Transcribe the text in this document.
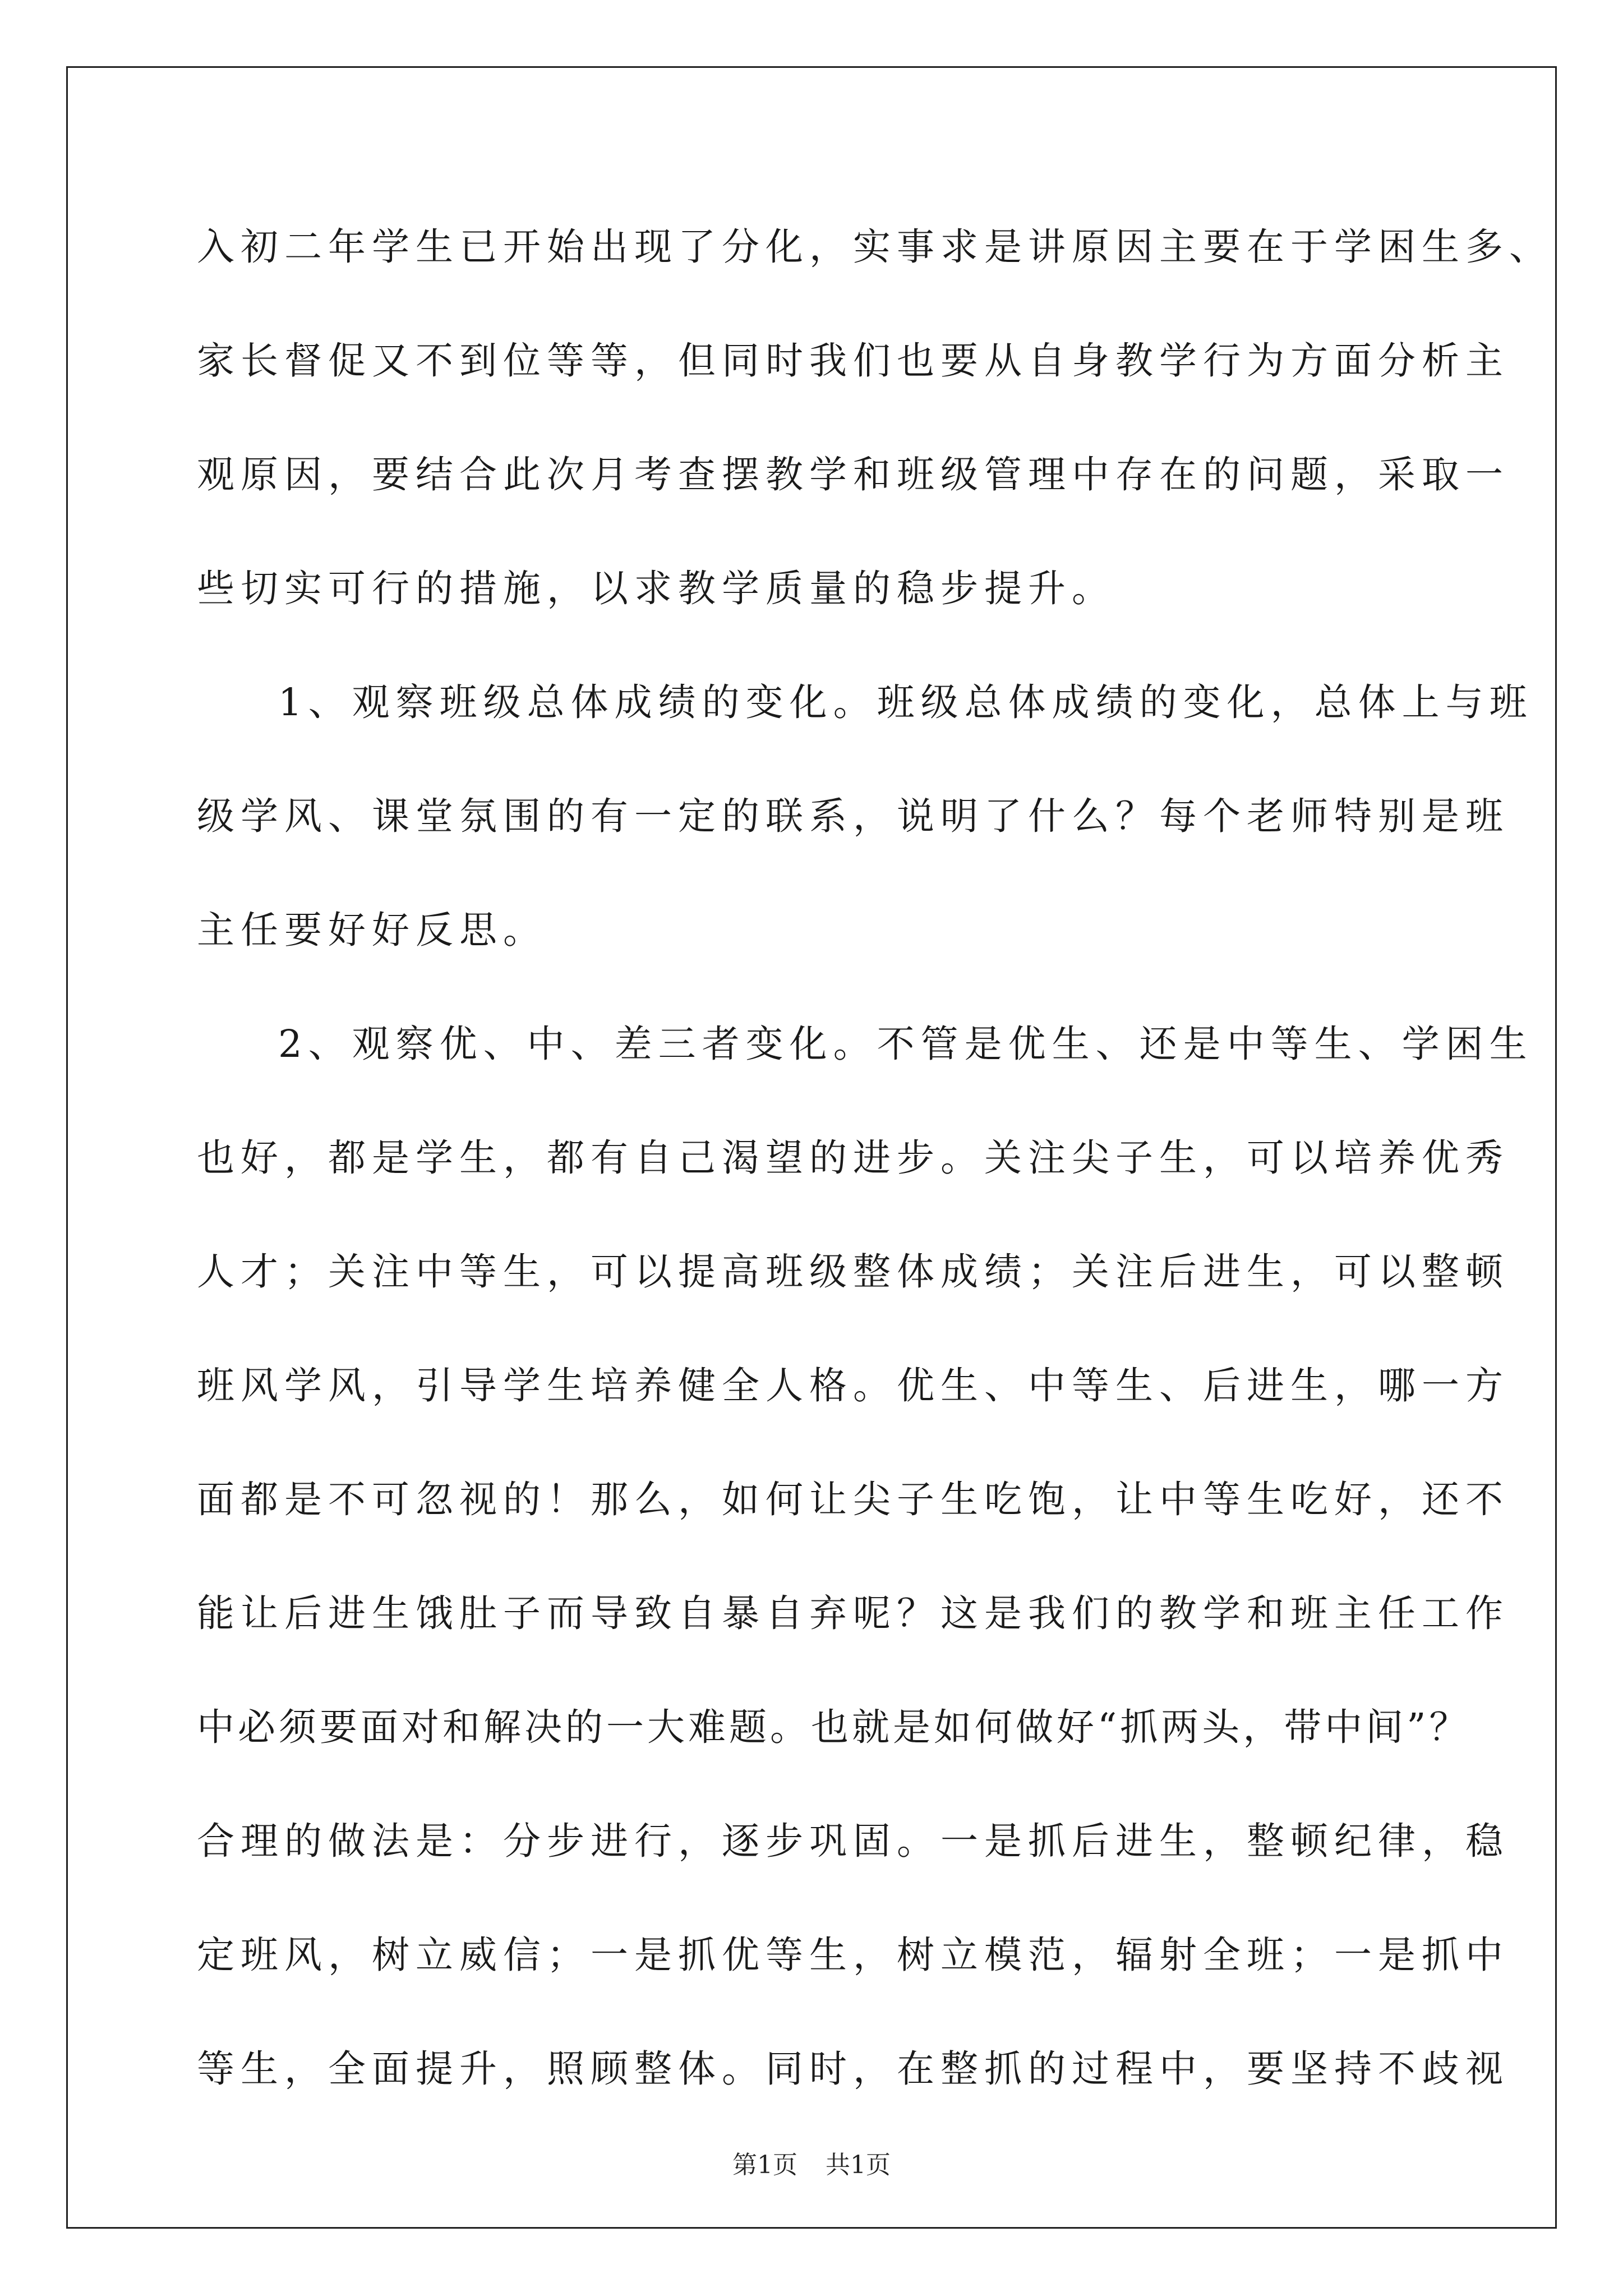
入初二年学生已开始出现了分化，实事求是讲原因主要在于学困生多、
家长督促又不到位等等，但同时我们也要从自身教学行为方面分析主
观原因，要结合此次月考查摆教学和班级管理中存在的问题，采取一
些切实可行的措施，以求教学质量的稳步提升。
1、观察班级总体成绩的变化。班级总体成绩的变化，总体上与班
级学风、课堂氛围的有一定的联系，说明了什么？每个老师特别是班
主任要好好反思。
2、观察优、中、差三者变化。不管是优生、还是中等生、学困生
也好，都是学生，都有自己渴望的进步。关注尖子生，可以培养优秀
人才；关注中等生，可以提高班级整体成绩；关注后进生，可以整顿
班风学风，引导学生培养健全人格。优生、中等生、后进生，哪一方
面都是不可忽视的！那么，如何让尖子生吃饱，让中等生吃好，还不
能让后进生饿肚子而导致自暴自弃呢？这是我们的教学和班主任工作
中必须要面对和解决的一大难题。也就是如何做好“抓两头，带中间”？
合理的做法是：分步进行，逐步巩固。一是抓后进生，整顿纪律，稳
定班风，树立威信；一是抓优等生，树立模范，辐射全班；一是抓中
等生，全面提升，照顾整体。同时，在整抓的过程中，要坚持不歧视
第1页 共1页
